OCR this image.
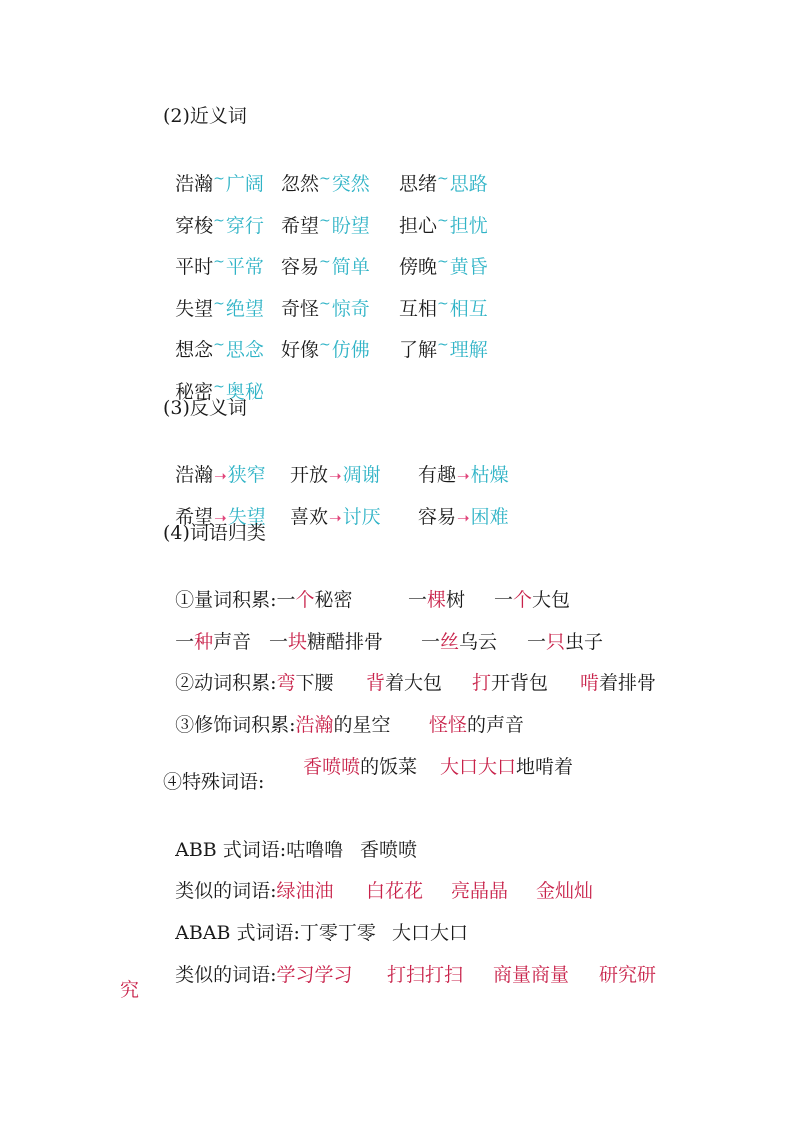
(2)近义词

浩瀚~广阔 忽然~突然 思绪~思路

穿梭~穿行 希望~盼望 担心~担忧

平时~平常 容易~简单 傍晚~黄昏

失望~绝望 奇怪~惊奇 互相~相互

想念~思念 好像~仿佛 了解~理解

秘密~奥秘

(3)反义词

浩瀚➝狭窄 开放➝凋谢 有趣➝枯燥

希望➝失望 喜欢➝讨厌 容易➝困难

(4)词语归类

①量词积累:一个秘密	一棵树 一个大包

一种声音 一块糖醋排骨 一丝乌云 一只虫子

②动词积累:弯下腰 背着大包 打开背包 啃着排骨

③修饰词积累:浩瀚的星空 怪怪的声音

香喷喷的饭菜 大口大口地啃着

④特殊词语:

ABB 式词语:咕噜噜 香喷喷

类似的词语:绿油油 白花花 亮晶晶 金灿灿

ABAB 式词语:丁零丁零 大口大口

类似的词语:学习学习 打扫打扫 商量商量 研究研

究
